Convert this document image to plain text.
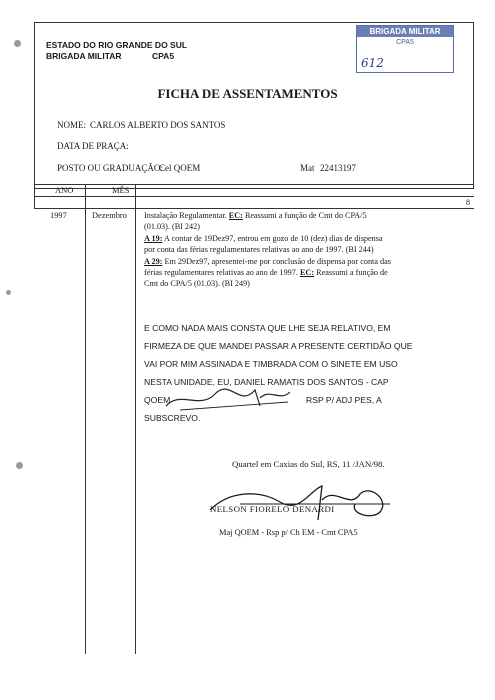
ESTADO DO RIO GRANDE DO SUL
BRIGADA MILITAR	CPA5
BRIGADA MILITAR
CPA5
612
FICHA DE ASSENTAMENTOS
NOME: CARLOS ALBERTO DOS SANTOS
DATA DE PRAÇA:
POSTO OU GRADUAÇÃO:
Cel QOEM	Mat 22413197
ANO	MÊS
8
1997	Dezembro Instalação Regulamentar. EC: Reassumi a função de Cmt do CPA/5
(01.03). (BI 242)
A 19: A contar de 19Dez97, entrou em gozo de 10 (dez) dias de dispensa
por conta das férias regulamentares relativas ao ano de 1997. (BI 244)
A 29: Em 29Dez97, apresentei-me por conclusão de dispensa por conta das
férias regulamentares relativas ao ano de 1997. EC: Reassumi a função de
Cmt do CPA/5 (01.03). (BI 249)
E COMO NADA MAIS CONSTA QUE LHE SEJA RELATIVO, EM
FIRMEZA DE QUE MANDEI PASSAR A PRESENTE CERTIDÃO QUE
VAI POR MIM ASSINADA E TIMBRADA COM O SINETE EM USO
NESTA UNIDADE, EU, DANIEL RAMATIS DOS SANTOS - CAP
QOEM	RSP P/ ADJ PES, A
SUBSCREVO.
Quartel em Caxias do Sul, RS, 11 /JAN/98.
NELSON FIORELO DENARDI
Maj QOEM - Rsp p/ Ch EM - Cmt CPA5
